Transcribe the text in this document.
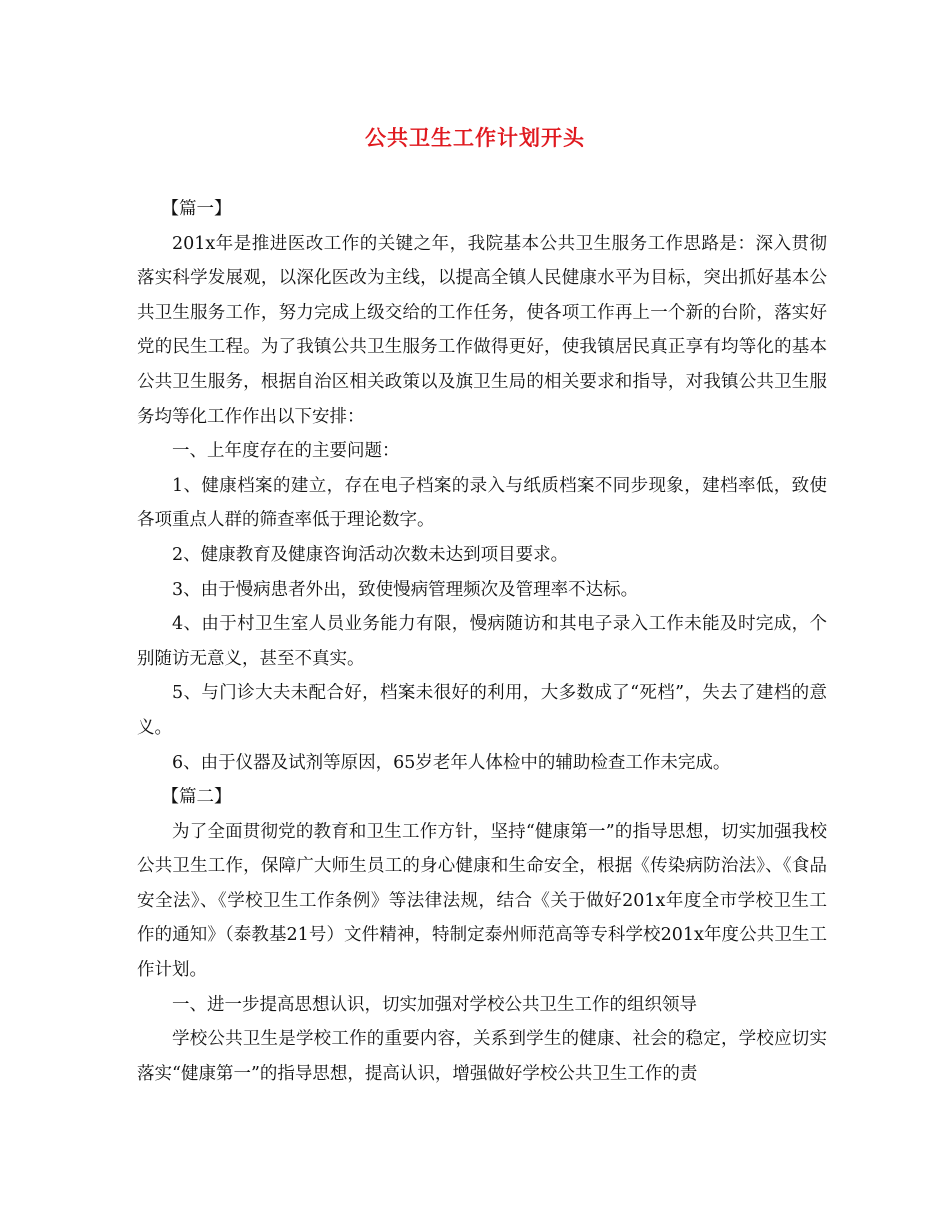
公共卫生工作计划开头

【篇一】

201x年是推进医改工作的关键之年，我院基本公共卫生服务工作思路是：深入贯彻落实科学发展观，以深化医改为主线，以提高全镇人民健康水平为目标，突出抓好基本公共卫生服务工作，努力完成上级交给的工作任务，使各项工作再上一个新的台阶，落实好党的民生工程。为了我镇公共卫生服务工作做得更好，使我镇居民真正享有均等化的基本公共卫生服务，根据自治区相关政策以及旗卫生局的相关要求和指导，对我镇公共卫生服务均等化工作作出以下安排：

一、上年度存在的主要问题：

1、健康档案的建立，存在电子档案的录入与纸质档案不同步现象，建档率低，致使各项重点人群的筛查率低于理论数字。

2、健康教育及健康咨询活动次数未达到项目要求。

3、由于慢病患者外出，致使慢病管理频次及管理率不达标。

4、由于村卫生室人员业务能力有限，慢病随访和其电子录入工作未能及时完成，个别随访无意义，甚至不真实。

5、与门诊大夫未配合好，档案未很好的利用，大多数成了“死档”，失去了建档的意义。

6、由于仪器及试剂等原因，65岁老年人体检中的辅助检查工作未完成。

【篇二】

为了全面贯彻党的教育和卫生工作方针，坚持“健康第一”的指导思想，切实加强我校公共卫生工作，保障广大师生员工的身心健康和生命安全，根据《传染病防治法》、《食品安全法》、《学校卫生工作条例》等法律法规，结合《关于做好201x年度全市学校卫生工作的通知》（泰教基21号）文件精神，特制定泰州师范高等专科学校201x年度公共卫生工作计划。

一、进一步提高思想认识，切实加强对学校公共卫生工作的组织领导

学校公共卫生是学校工作的重要内容，关系到学生的健康、社会的稳定，学校应切实落实“健康第一”的指导思想，提高认识，增强做好学校公共卫生工作的责
